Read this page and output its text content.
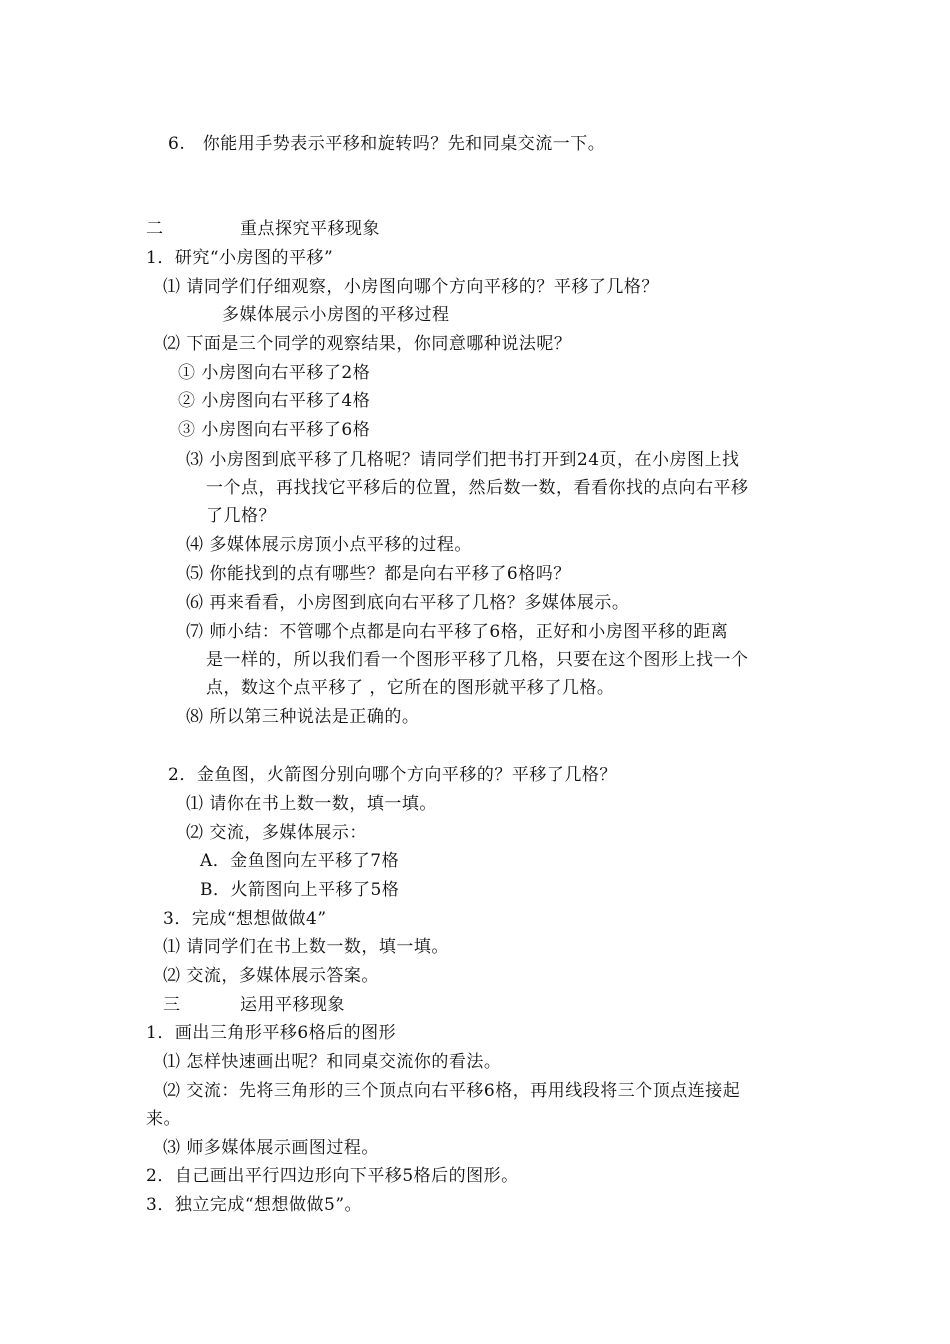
6.　你能用手势表示平移和旋转吗？先和同桌交流一下。
二	重点探究平移现象
1．研究“小房图的平移”
⑴ 请同学们仔细观察，小房图向哪个方向平移的？平移了几格？
多媒体展示小房图的平移过程
⑵ 下面是三个同学的观察结果，你同意哪种说法呢？
① 小房图向右平移了2格
② 小房图向右平移了4格
③ 小房图向右平移了6格
⑶ 小房图到底平移了几格呢？请同学们把书打开到24页，在小房图上找
一个点，再找找它平移后的位置，然后数一数，看看你找的点向右平移
了几格？
⑷ 多媒体展示房顶小点平移的过程。
⑸ 你能找到的点有哪些？都是向右平移了6格吗？
⑹ 再来看看，小房图到底向右平移了几格？多媒体展示。
⑺ 师小结：不管哪个点都是向右平移了6格，正好和小房图平移的距离
是一样的，所以我们看一个图形平移了几格，只要在这个图形上找一个
点，数这个点平移了 ，它所在的图形就平移了几格。
⑻ 所以第三种说法是正确的。
2．金鱼图，火箭图分别向哪个方向平移的？平移了几格？
⑴ 请你在书上数一数，填一填。
⑵ 交流，多媒体展示：
A．金鱼图向左平移了7格
B．火箭图向上平移了5格
3．完成“想想做做4”
⑴ 请同学们在书上数一数，填一填。
⑵ 交流，多媒体展示答案。
三	运用平移现象
1．画出三角形平移6格后的图形
⑴ 怎样快速画出呢？和同桌交流你的看法。
⑵ 交流：先将三角形的三个顶点向右平移6格，再用线段将三个顶点连接起
来。
⑶ 师多媒体展示画图过程。
2．自己画出平行四边形向下平移5格后的图形。
3．独立完成“想想做做5”。
